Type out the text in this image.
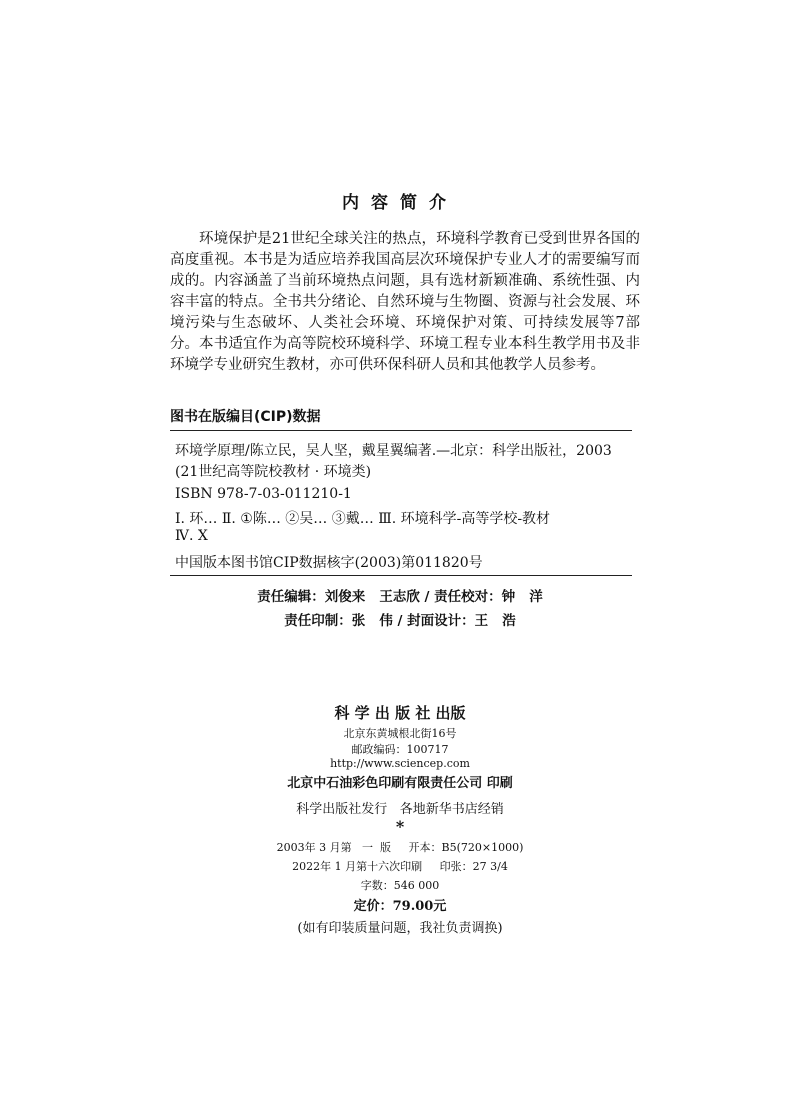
内容简介

环境保护是21世纪全球关注的热点，环境科学教育已受到世界各国的高度重视。本书是为适应培养我国高层次环境保护专业人才的需要编写而成的。内容涵盖了当前环境热点问题，具有选材新颖准确、系统性强、内容丰富的特点。全书共分绪论、自然环境与生物圈、资源与社会发展、环境污染与生态破坏、人类社会环境、环境保护对策、可持续发展等7部分。 本书适宜作为高等院校环境科学、环境工程专业本科生教学用书及非环境学专业研究生教材，亦可供环保科研人员和其他教学人员参考。

图书在版编目(CIP)数据
环境学原理/陈立民，吴人坚，戴星翼编著.—北京：科学出版社，2003
(21世纪高等院校教材 · 环境类)
ISBN 978-7-03-011210-1
Ⅰ. 环… Ⅱ. ①陈… ②吴… ③戴… Ⅲ. 环境科学-高等学校-教材
Ⅳ. X
中国版本图书馆CIP数据核字(2003)第011820号
责任编辑：刘俊来   王志欣 / 责任校对：钟   洋
责任印制：张   伟 / 封面设计：王   浩
科 学 出 版 社 出版
北京东黄城根北街16号
邮政编码：100717
http://www.sciencep.com
北京中石油彩色印刷有限责任公司 印刷
科学出版社发行   各地新华书店经销
*
2003年 3 月第   一  版     开本：B5(720×1000)
2022年 1 月第十六次印刷     印张：27 3/4
字数：546 000
定价：79.00元
(如有印装质量问题，我社负责调换)
